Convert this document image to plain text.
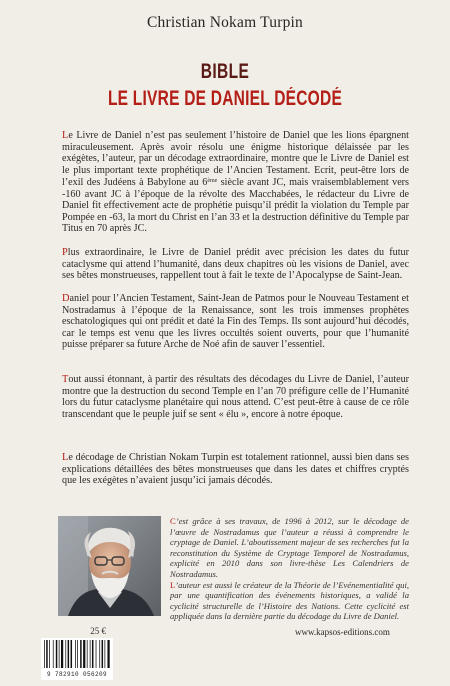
Christian Nokam Turpin
BIBLE
LE LIVRE DE DANIEL DÉCODÉ

Le Livre de Daniel n’est pas seulement l’histoire de Daniel que les lions épargnent miraculeusement. Après avoir résolu une énigme historique délaissée par les exégètes, l’auteur, par un décodage extraordinaire, montre que le Livre de Daniel est le plus important texte prophétique de l’Ancien Testament. Ecrit, peut-être lors de l’exil des Judéens à Babylone au 6ème siècle avant JC, mais vraisemblablement vers -160 avant JC à l’époque de la révolte des Macchabées, le rédacteur du Livre de Daniel fit effectivement acte de prophétie puisqu’il prédit la violation du Temple par Pompée en -63, la mort du Christ en l’an 33 et la destruction définitive du Temple par Titus en 70 après JC.

Plus extraordinaire, le Livre de Daniel prédit avec précision les dates du futur cataclysme qui attend l’humanité, dans deux chapitres où les visions de Daniel, avec ses bêtes monstrueuses, rappellent tout à fait le texte de l’Apocalypse de Saint-Jean.

Daniel pour l’Ancien Testament, Saint-Jean de Patmos pour le Nouveau Testament et Nostradamus à l’époque de la Renaissance, sont les trois immenses prophètes eschatologiques qui ont prédit et daté la Fin des Temps. Ils sont aujourd’hui décodés, car le temps est venu que les livres occultés soient ouverts, pour que l’humanité puisse préparer sa future Arche de Noé afin de sauver l’essentiel.

Tout aussi étonnant, à partir des résultats des décodages du Livre de Daniel, l’auteur montre que la destruction du second Temple en l’an 70 préfigure celle de l’Humanité lors du futur cataclysme planétaire qui nous attend. C’est peut-être à cause de ce rôle transcendant que le peuple juif se sent « élu », encore à notre époque.

Le décodage de Christian Nokam Turpin est totalement rationnel, aussi bien dans ses explications détaillées des bêtes monstrueuses que dans les dates et chiffres cryptés que les exégètes n’avaient jusqu’ici jamais décodés.

C’est grâce à ses travaux, de 1996 à 2012, sur le décodage de l’œuvre de Nostradamus que l’auteur a réussi à comprendre le cryptage de Daniel. L’aboutissement majeur de ses recherches fut la reconstitution du Système de Cryptage Temporel de Nostradamus, explicité en 2010 dans son livre-thèse Les Calendriers de Nostradamus.

L’auteur est aussi le créateur de la Théorie de l’Evénementialité qui, par une quantification des événements historiques, a validé la cyclicité structurelle de l’Histoire des Nations. Cette cyclicité est appliquée dans la dernière partie du décodage du Livre de Daniel.

25 €
9 782910 056209
www.kapsos-editions.com
